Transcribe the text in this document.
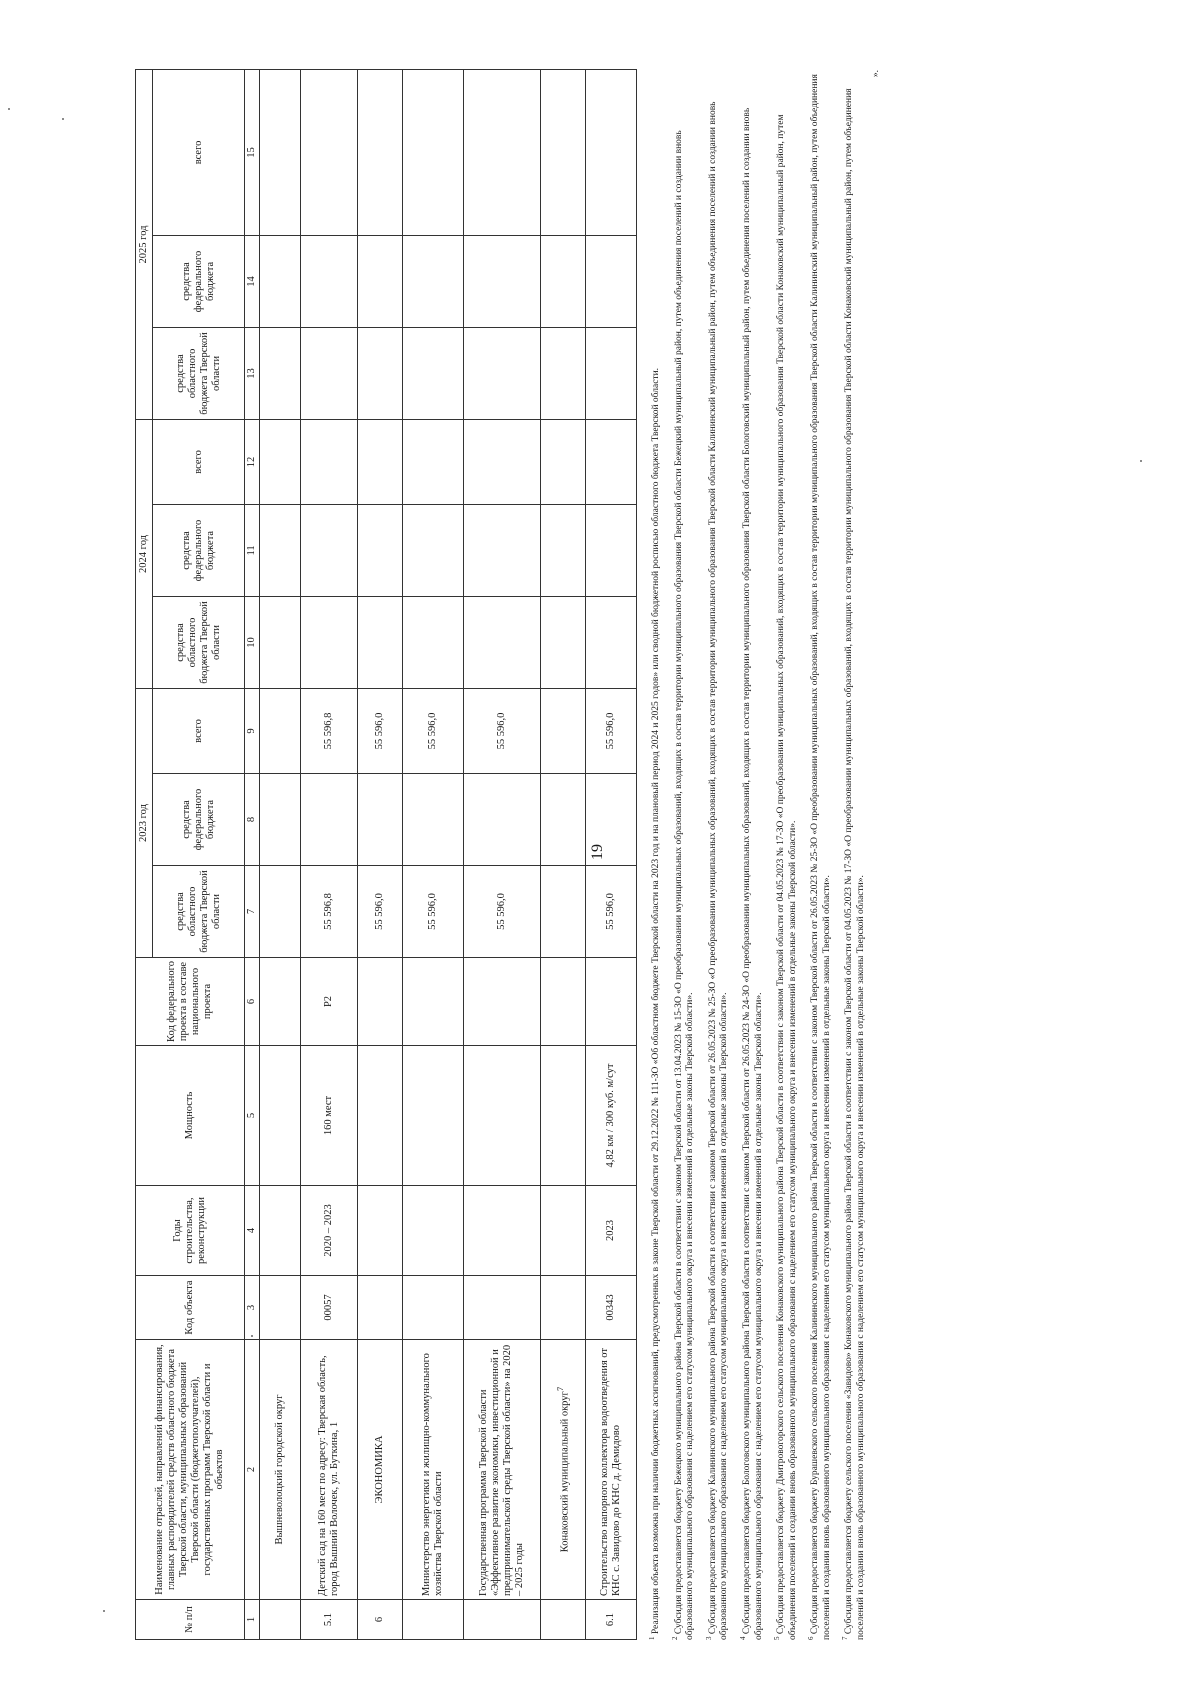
19
№ п/п	Наименование отраслей, направлений финансирования, главных распорядителей средств областного бюджета Тверской области, муниципальных образований Тверской области (бюджетополучателей), государственных программ Тверской области и объектов	Код объекта	Годы строительства, реконструкции	Мощность	Код федерального проекта в составе национального проекта	2023 год			2024 год			2025 год		
						средства областного бюджета Тверской области	средства федерального бюджета	всего	средства областного бюджета Тверской области	средства федерального бюджета	всего	средства областного бюджета Тверской области	средства федерального бюджета	всего
1	2	3	4	5	6	7	8	9	10	11	12	13	14	15
	Вышневолоцкий городской округ													
5.1	Детский сад на 160 мест по адресу: Тверская область, город Вышний Волочек, ул. Буткина, 1	00057	2020 – 2023	160 мест	P2	55 596,8		55 596,8						
6	ЭКОНОМИКА					55 596,0		55 596,0						
	Министерство энергетики и жилищно-коммунального хозяйства Тверской области					55 596,0		55 596,0						
	Государственная программа Тверской области «Эффективное развитие экономики, инвестиционной и предпринимательской среды Тверской области» на 2020 – 2025 годы					55 596,0		55 596,0						
	Конаковский муниципальный округ$^7$													
6.1	Строительство напорного коллектора водоотведения от КНС с. Завидово до КНС д. Демидово	00343	2023	4,82 км / 300 куб. м/сут		55 596,0		55 596,0						

$^1$ Реализация объекта возможна при наличии бюджетных ассигнований, предусмотренных в законе Тверской области от 29.12.2022 № 111-ЗО «Об областном бюджете Тверской области на 2023 год и на плановый период 2024 и 2025 годов» или сводной бюджетной росписью областного бюджета Тверской области.

$^2$ Субсидия предоставляется бюджету Бежецкого муниципального района Тверской области в соответствии с законом Тверской области от 13.04.2023 № 15-ЗО «О преобразовании муниципальных образований, входящих в состав территории муниципального образования Тверской области Бежецкий муниципальный район, путем объединения поселений и создании вновь образованного муниципального образования с наделением его статусом муниципального округа и внесении изменений в отдельные законы Тверской области». $^3$ Субсидия предоставляется бюджету Калининского муниципального района Тверской области в соответствии с законом Тверской области от 26.05.2023 № 25-ЗО «О преобразовании муниципальных образований, входящих в состав территории муниципального образования Тверской области Калининский муниципальный район, путем объединения поселений и создании вновь образованного муниципального образования с наделением его статусом муниципального округа и внесении изменений в отдельные законы Тверской области». $^4$ Субсидия предоставляется бюджету Бологовского муниципального района Тверской области в соответствии с законом Тверской области от 26.05.2023 № 24-ЗО «О преобразовании муниципальных образований, входящих в состав территории муниципального образования Тверской области Бологовский муниципальный район, путем объединения поселений и создании вновь образованного муниципального образования с наделением его статусом муниципального округа и внесении изменений в отдельные законы Тверской области». $^5$ Субсидия предоставляется бюджету Дмитровогорского сельского поселения Конаковского муниципального района Тверской области в соответствии с законом Тверской области от 04.05.2023 № 17-ЗО «О преобразовании муниципальных образований, входящих в состав территории муниципального образования Тверской области Конаковский муниципальный район, путем объединения поселений и создании вновь образованного муниципального образования с наделением его статусом муниципального округа и внесении изменений в отдельные законы Тверской области». $^6$ Субсидия предоставляется бюджету Бурашевского сельского поселения Калининского муниципального района Тверской области в соответствии с законом Тверской области от 26.05.2023 № 25-ЗО «О преобразовании муниципальных образований, входящих в состав территории муниципального образования Тверской области Калининский муниципальный район, путем объединения поселений и создании вновь образованного муниципального образования с наделением его статусом муниципального округа и внесении изменений в отдельные законы Тверской области». $^7$ Субсидия предоставляется бюджету сельского поселения «Завидово» Конаковского муниципального района Тверской области в соответствии с законом Тверской области от 04.05.2023 № 17-ЗО «О преобразовании муниципальных образований, входящих в состав территории муниципального образования Тверской области Конаковский муниципальный район, путем объединения поселений и создании вновь образованного муниципального образования с наделением его статусом муниципального округа и внесении изменений в отдельные законы Тверской области».

».
